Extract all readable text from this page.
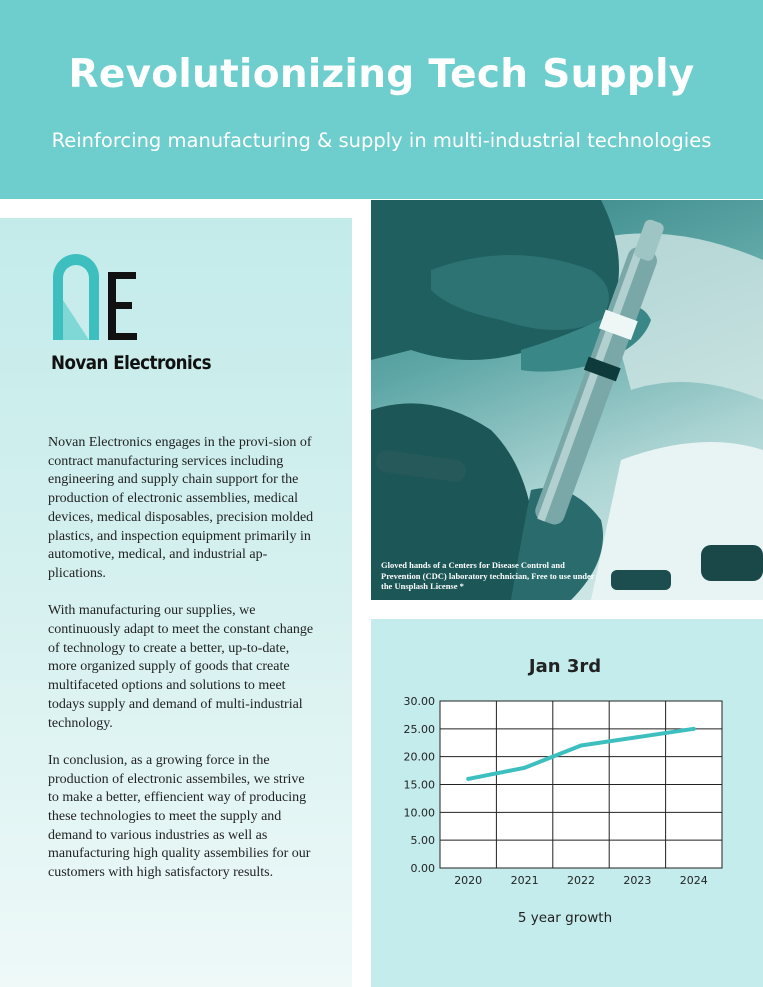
Revolutionizing Tech Supply
Reinforcing manufacturing & supply in multi-industrial technologies
Novan Electronics

Novan Electronics engages in the provi-sion of contract manufacturing services including engineering and supply chain support for the production of electronic assemblies, medical devices, medical disposables, precision molded plastics, and inspection equipment primarily in automotive, medical, and industrial ap-plications.

With manufacturing our supplies, we continuously adapt to meet the constant change of technology to create a better, up-to-date, more organized supply of goods that create multifaceted options and solutions to meet todays supply and demand of multi-industrial technology.

In conclusion, as a growing force in the production of electronic assembiles, we strive to make a better, effiencient way of producing these technologies to meet the supply and demand to various industries as well as manufacturing high quality assembilies for our customers with high satisfactory results.

Gloved hands of a Centers for Disease Control and Prevention (CDC) laboratory technician, Free to use under the Unsplash License *
Jan 3rd
0.00
5.00
10.00
15.00
20.00
25.00
30.00
2020	2021	2022	2023	2024
5 year growth
